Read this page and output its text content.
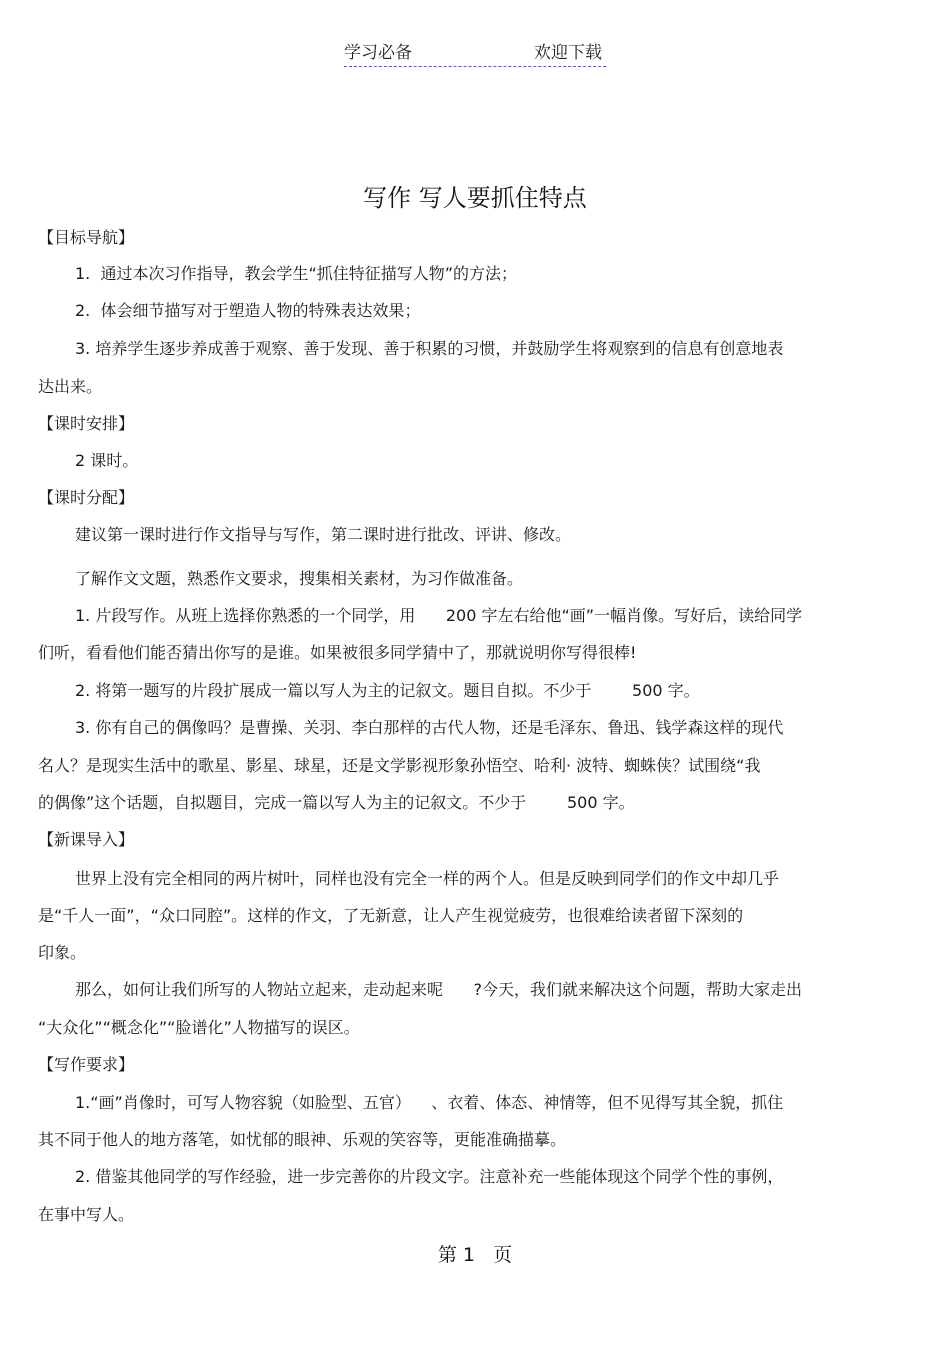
学习必备	欢迎下载
写作 写人要抓住特点
【目标导航】
1.  通过本次习作指导，教会学生“抓住特征描写人物”的方法；
2.  体会细节描写对于塑造人物的特殊表达效果；
3. 培养学生逐步养成善于观察、善于发现、善于积累的习惯，并鼓励学生将观察到的信息有创意地表
达出来。
【课时安排】
2 课时。
【课时分配】
建议第一课时进行作文指导与写作，第二课时进行批改、评讲、修改。
了解作文文题，熟悉作文要求，搜集相关素材，为习作做准备。
1. 片段写作。从班上选择你熟悉的一个同学，用      200 字左右给他“画”一幅肖像。写好后，读给同学
们听，看看他们能否猜出你写的是谁。如果被很多同学猜中了，那就说明你写得很棒!
2. 将第一题写的片段扩展成一篇以写人为主的记叙文。题目自拟。不少于        500 字。
3. 你有自己的偶像吗？是曹操、关羽、李白那样的古代人物，还是毛泽东、鲁迅、钱学森这样的现代
名人？是现实生活中的歌星、影星、球星，还是文学影视形象孙悟空、哈利· 波特、蜘蛛侠？试围绕“我
的偶像”这个话题，自拟题目，完成一篇以写人为主的记叙文。不少于        500 字。
【新课导入】
世界上没有完全相同的两片树叶，同样也没有完全一样的两个人。但是反映到同学们的作文中却几乎
是“千人一面”，“众口同腔”。这样的作文，了无新意，让人产生视觉疲劳，也很难给读者留下深刻的
印象。
那么，如何让我们所写的人物站立起来，走动起来呢      ?今天，我们就来解决这个问题，帮助大家走出
“大众化”“概念化”“脸谱化”人物描写的误区。
【写作要求】
1.“画”肖像时，可写人物容貌（如脸型、五官）    、衣着、体态、神情等，但不见得写其全貌，抓住
其不同于他人的地方落笔，如忧郁的眼神、乐观的笑容等，更能准确描摹。
2. 借鉴其他同学的写作经验，进一步完善你的片段文字。注意补充一些能体现这个同学个性的事例，
在事中写人。
第 1   页
